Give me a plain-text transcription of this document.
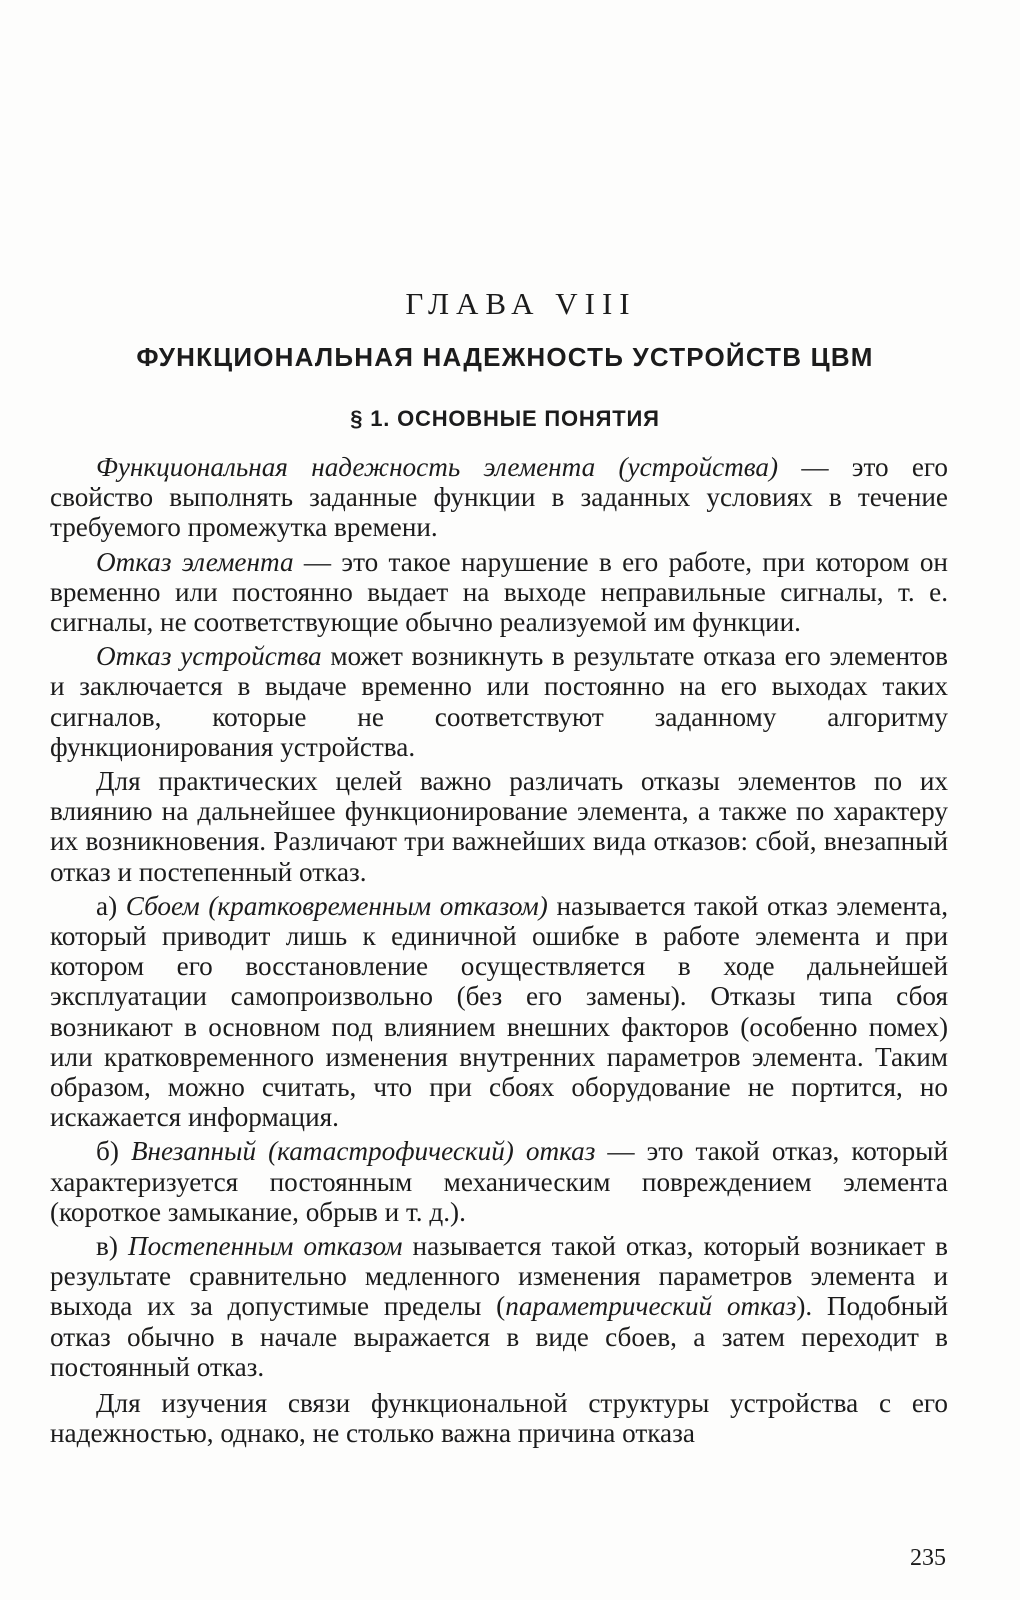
ГЛАВА VIII
ФУНКЦИОНАЛЬНАЯ НАДЕЖНОСТЬ УСТРОЙСТВ ЦВМ
§ 1. ОСНОВНЫЕ ПОНЯТИЯ

Функциональная надежность элемента (устройства) — это его свойство выполнять заданные функции в заданных условиях в течение требуемого промежутка времени.

Отказ элемента — это такое нарушение в его работе, при котором он временно или постоянно выдает на выходе неправильные сигналы, т. е. сигналы, не соответствующие обычно реализуемой им функции.

Отказ устройства может возникнуть в результате отказа его элементов и заключается в выдаче временно или постоянно на его выходах таких сигналов, которые не соответствуют заданному алгоритму функционирования устройства.

Для практических целей важно различать отказы элементов по их влиянию на дальнейшее функционирование элемента, а также по характеру их возникновения. Различают три важнейших вида отказов: сбой, внезапный отказ и постепенный отказ.

а) Сбоем (кратковременным отказом) называется такой отказ элемента, который приводит лишь к единичной ошибке в работе элемента и при котором его восстановление осуществляется в ходе дальнейшей эксплуатации самопроизвольно (без его замены). Отказы типа сбоя возникают в основном под влиянием внешних факторов (особенно помех) или кратковременного изменения внутренних параметров элемента. Таким образом, можно считать, что при сбоях оборудование не портится, но искажается информация.

б) Внезапный (катастрофический) отказ — это такой отказ, который характеризуется постоянным механическим повреждением элемента (короткое замыкание, обрыв и т. д.).

в) Постепенным отказом называется такой отказ, который возникает в результате сравнительно медленного изменения параметров элемента и выхода их за допустимые пределы (параметрический отказ). Подобный отказ обычно в начале выражается в виде сбоев, а затем переходит в постоянный отказ.

Для изучения связи функциональной структуры устройства с его надежностью, однако, не столько важна причина отказа

235
